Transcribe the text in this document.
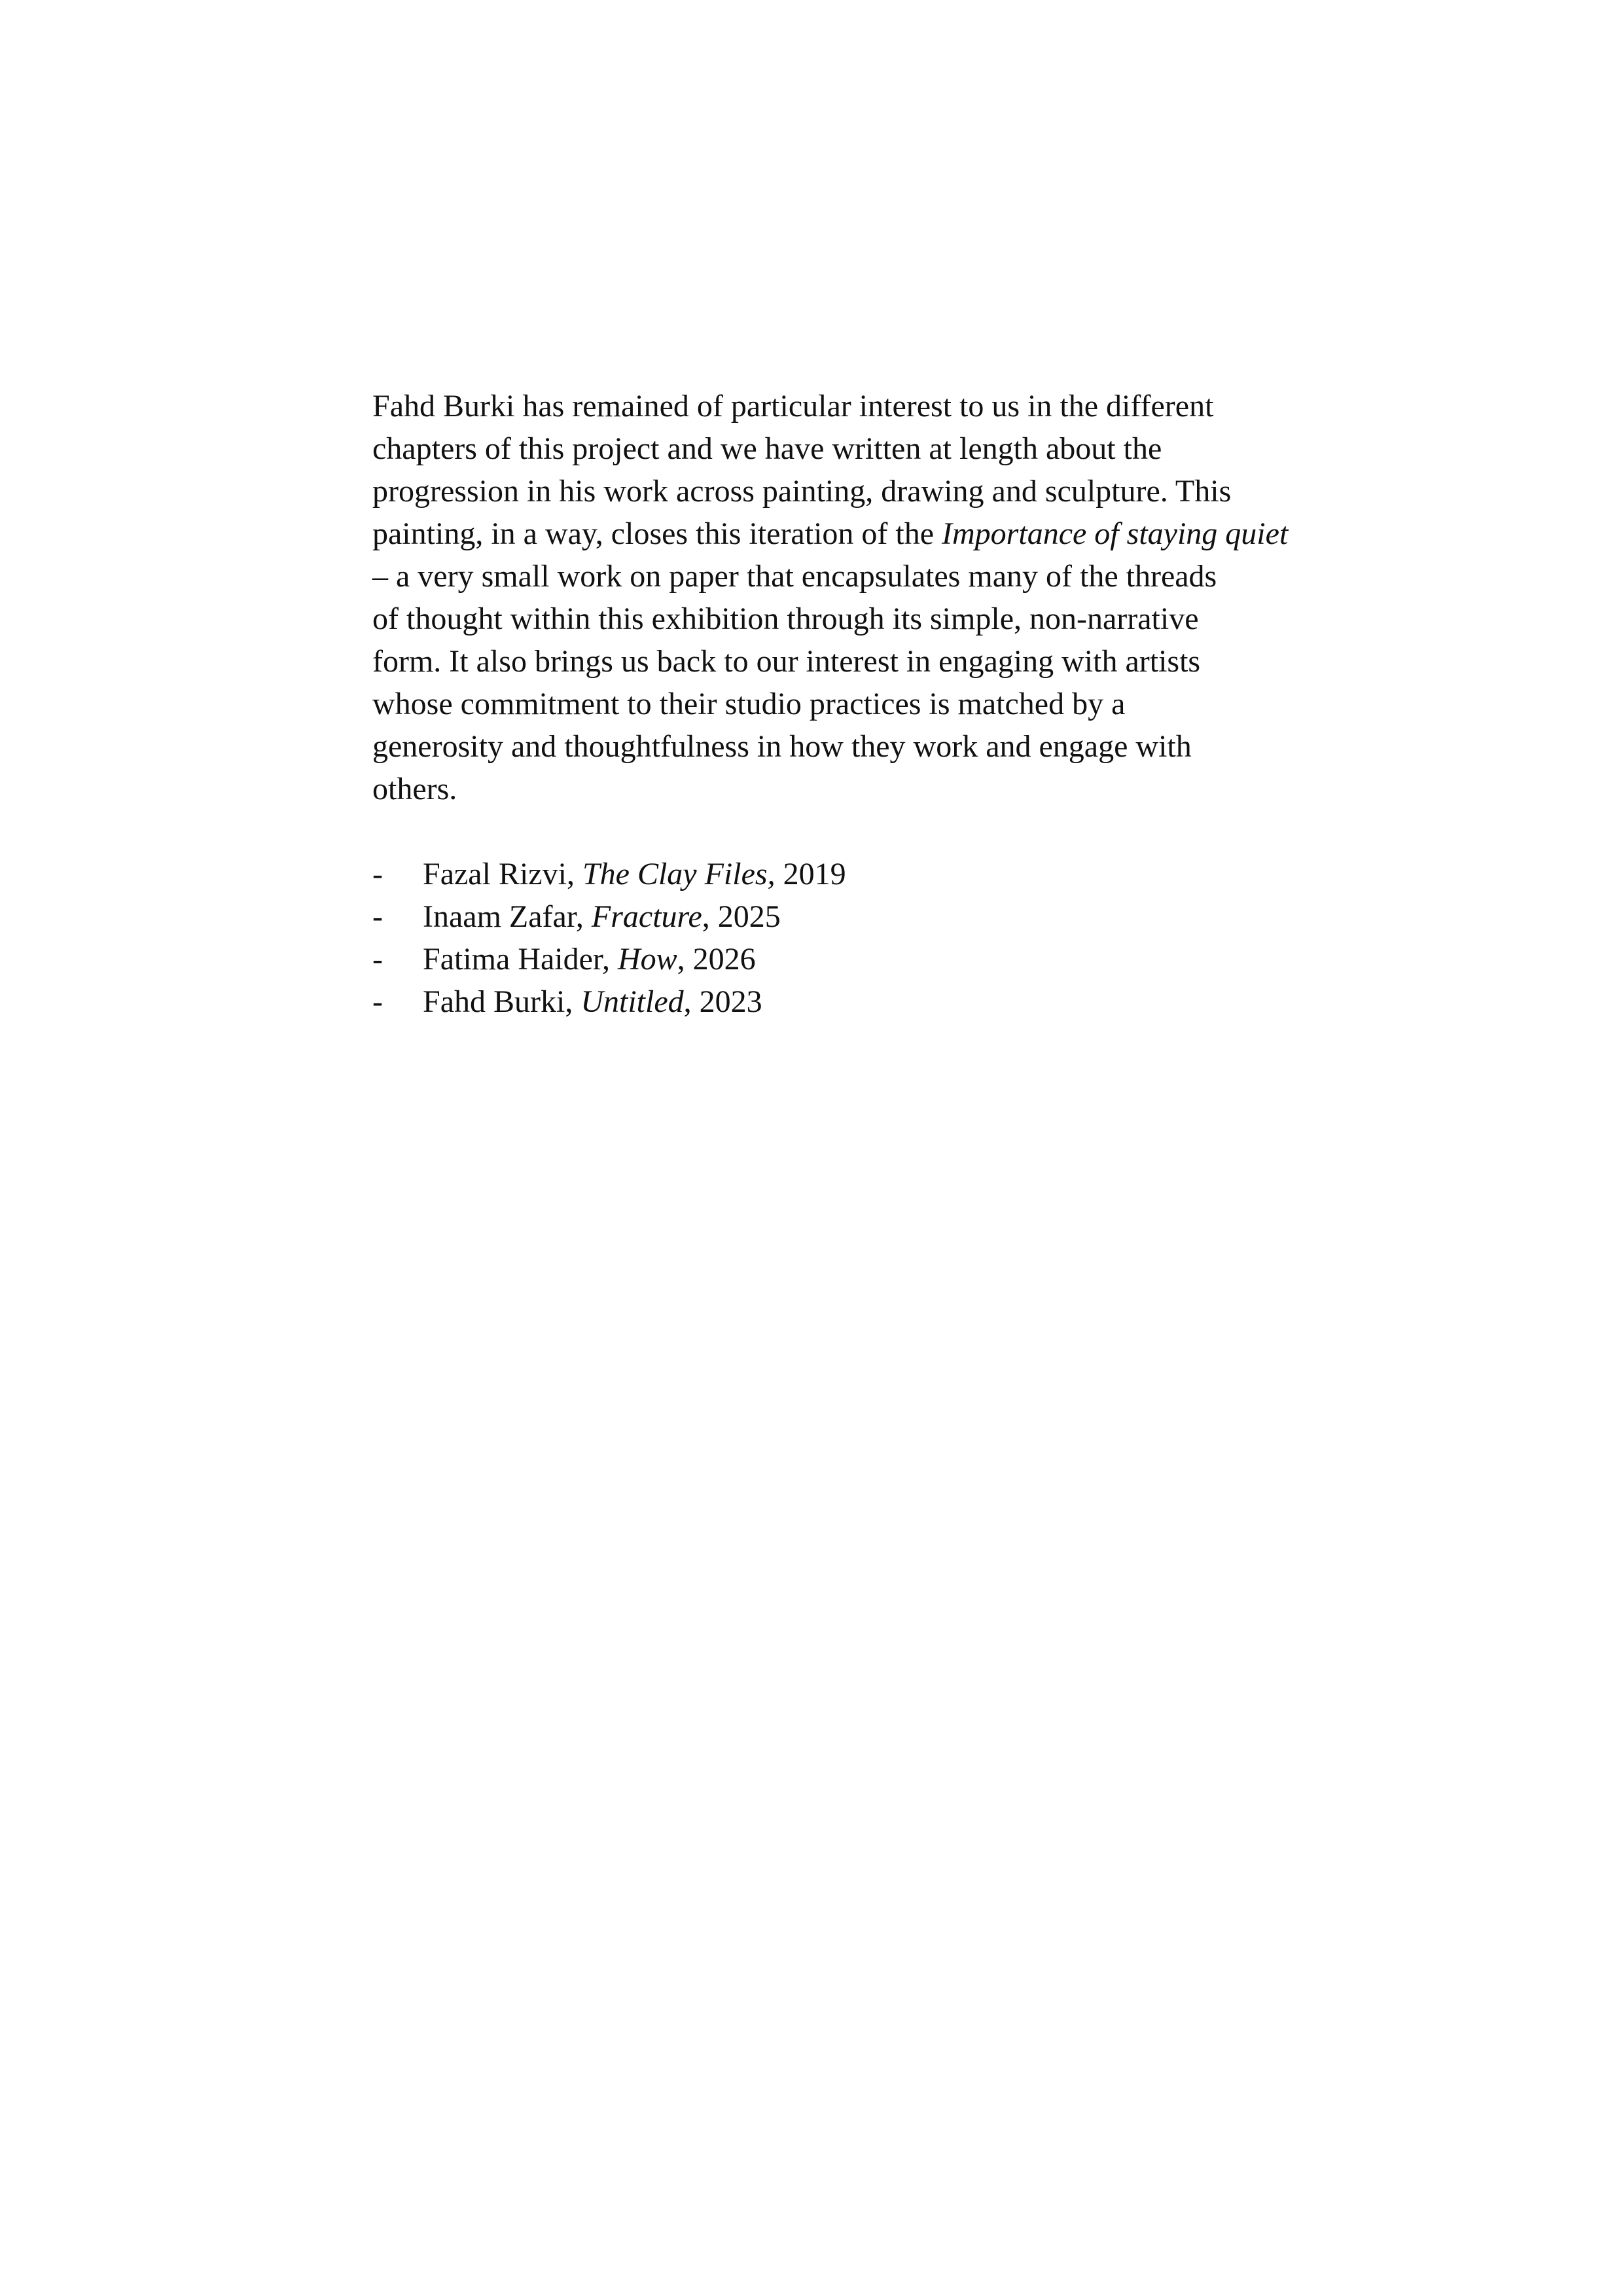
Fahd Burki has remained of particular interest to us in the different
chapters of this project and we have written at length about the
progression in his work across painting, drawing and sculpture. This
painting, in a way, closes this iteration of the Importance of staying quiet
– a very small work on paper that encapsulates many of the threads
of thought within this exhibition through its simple, non-narrative
form. It also brings us back to our interest in engaging with artists
whose commitment to their studio practices is matched by a
generosity and thoughtfulness in how they work and engage with
others.

-	Fazal Rizvi, The Clay Files, 2019
-	Inaam Zafar, Fracture, 2025
-	Fatima Haider, How, 2026
-	Fahd Burki, Untitled, 2023
